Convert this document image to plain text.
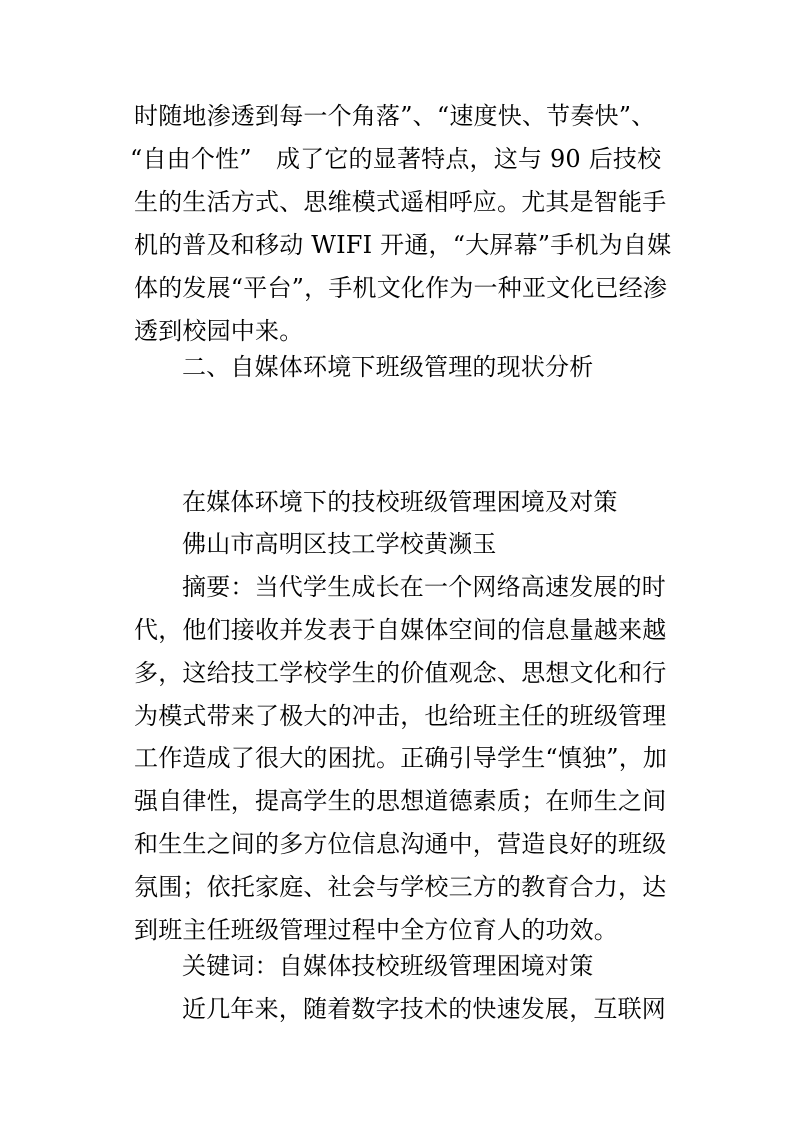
时随地渗透到每一个角落”、“速度快、节奏快”、
“自由个性”　成了它的显著特点，这与 90 后技校
生的生活方式、思维模式遥相呼应。尤其是智能手
机的普及和移动 WIFI 开通，“大屏幕”手机为自媒
体的发展“平台”，手机文化作为一种亚文化已经渗
透到校园中来。
二、自媒体环境下班级管理的现状分析
在媒体环境下的技校班级管理困境及对策
佛山市高明区技工学校黄濒玉
摘要：当代学生成长在一个网络高速发展的时
代，他们接收并发表于自媒体空间的信息量越来越
多，这给技工学校学生的价值观念、思想文化和行
为模式带来了极大的冲击，也给班主任的班级管理
工作造成了很大的困扰。正确引导学生“慎独”，加
强自律性，提高学生的思想道德素质；在师生之间
和生生之间的多方位信息沟通中，营造良好的班级
氛围；依托家庭、社会与学校三方的教育合力，达
到班主任班级管理过程中全方位育人的功效。
关键词：自媒体技校班级管理困境对策
近几年来，随着数字技术的快速发展，互联网
